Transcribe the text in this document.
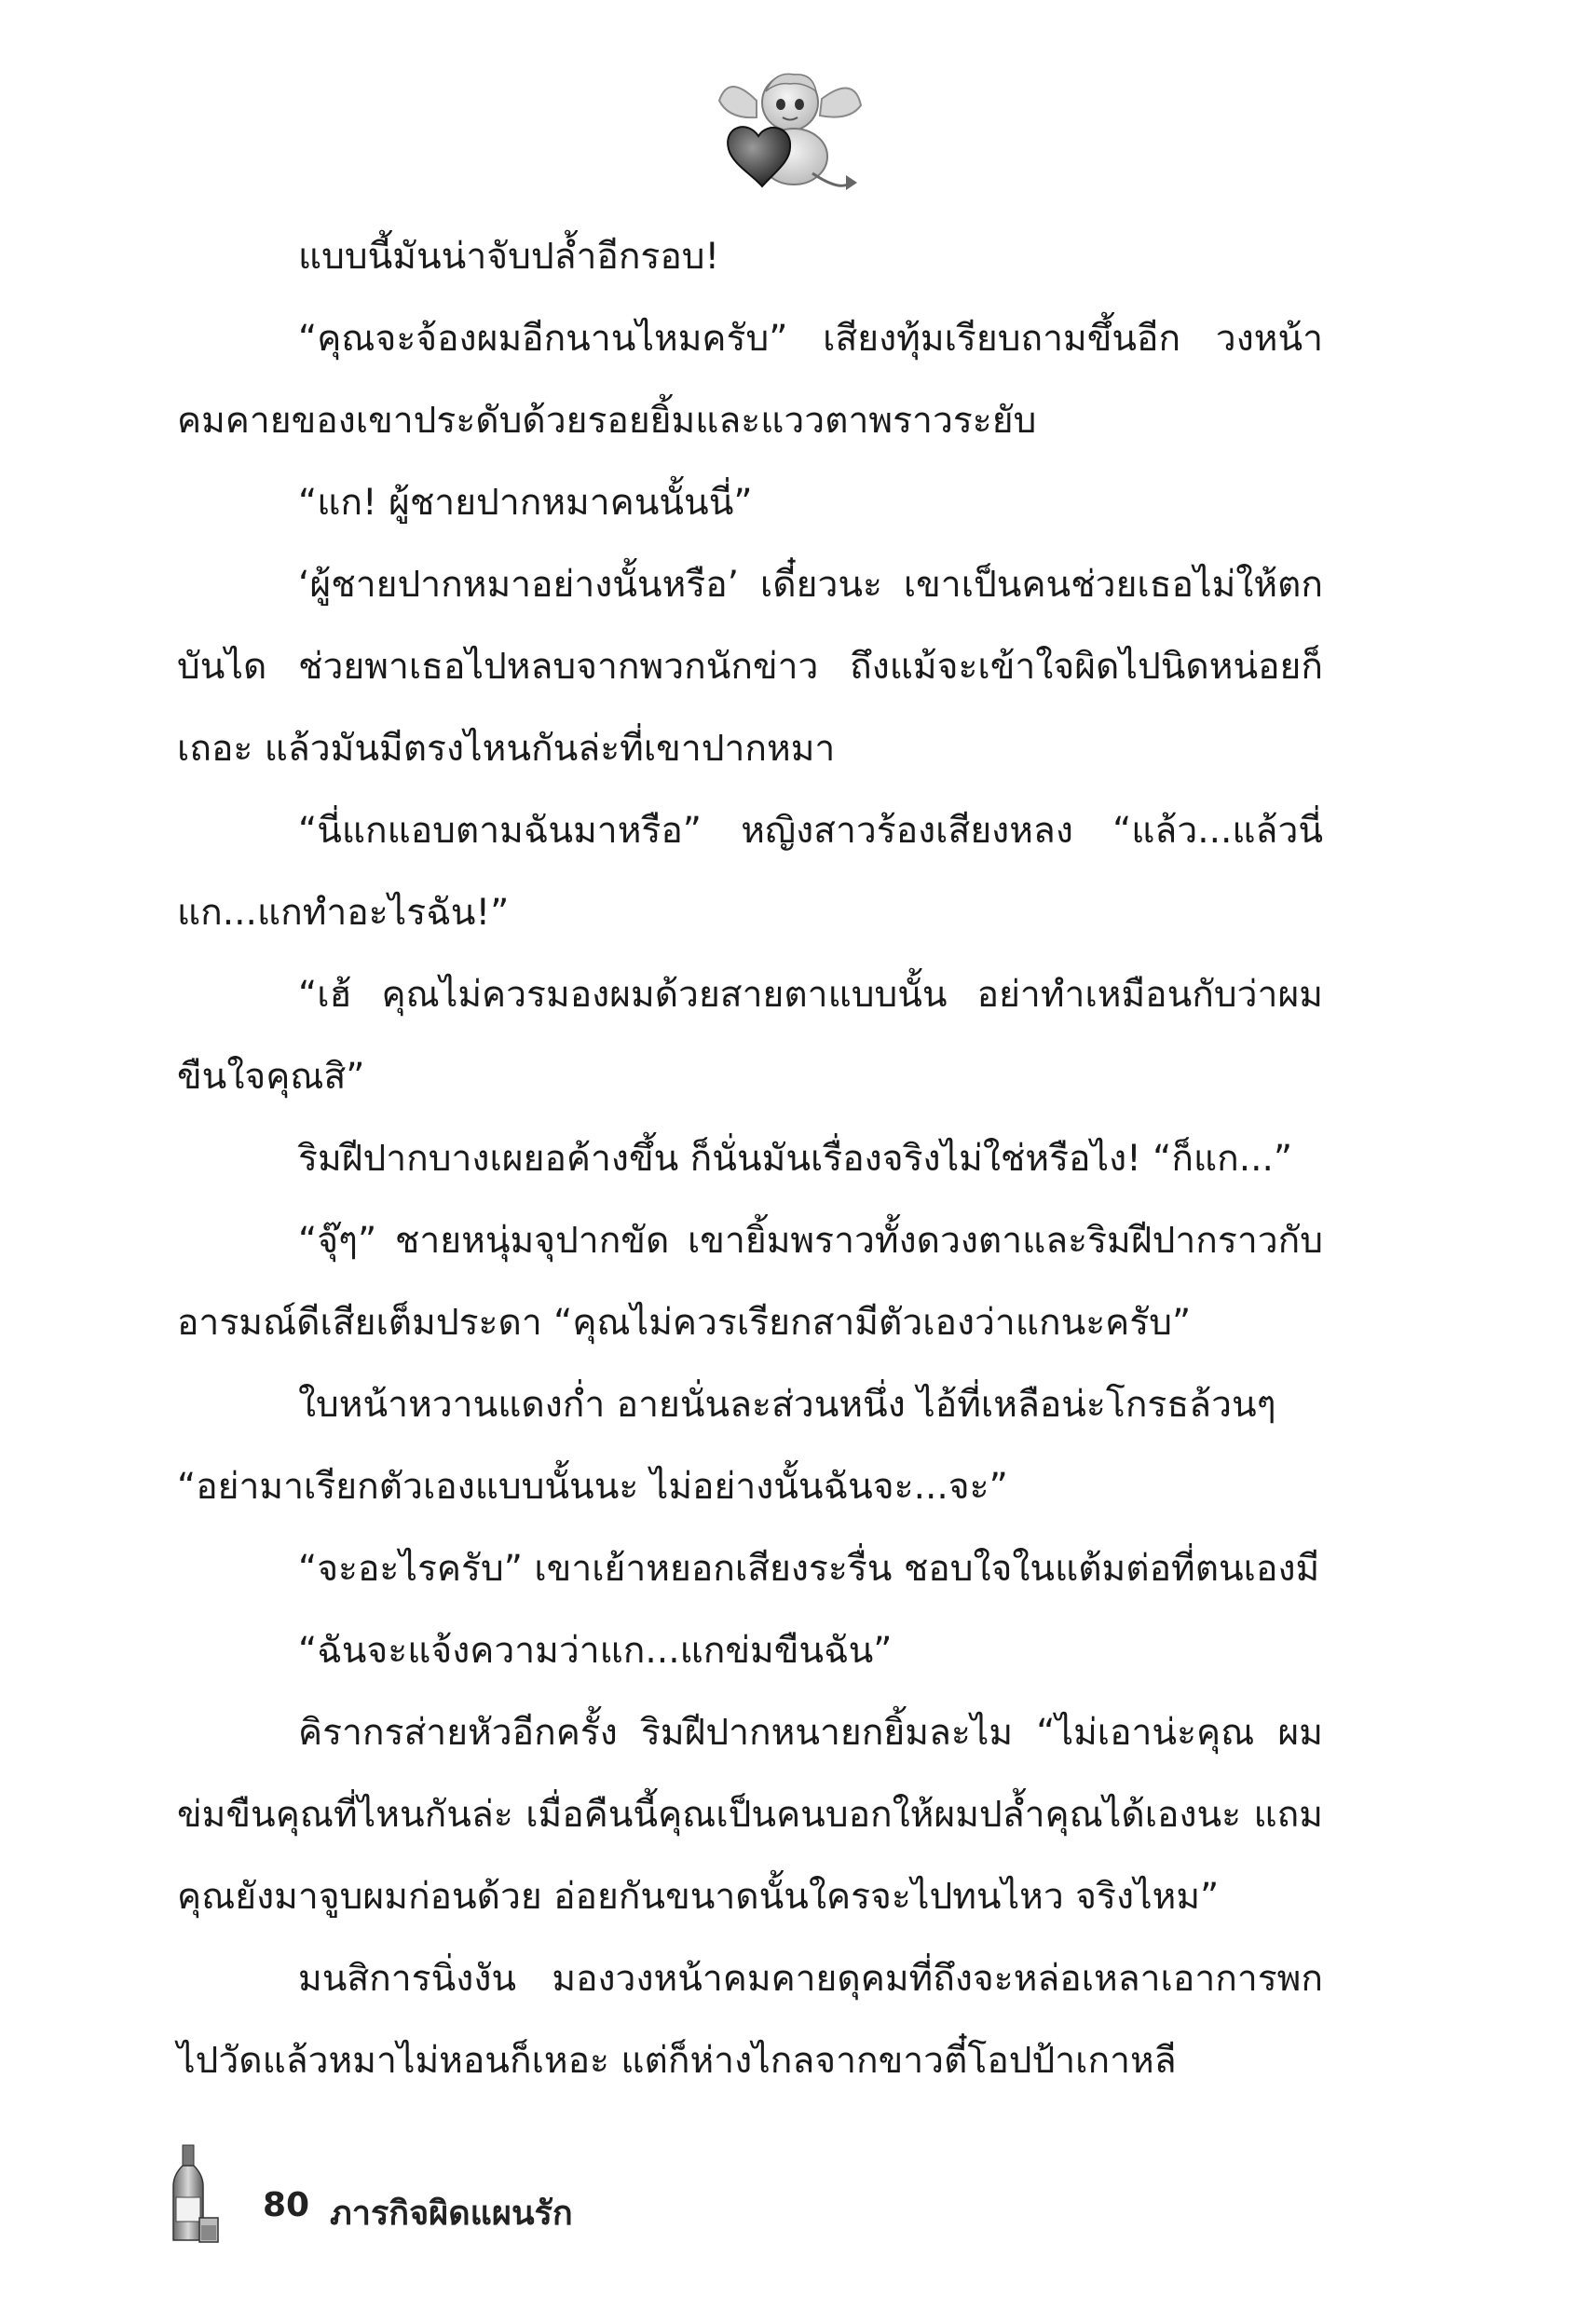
แบบนี้มันน่าจับปล้ำอีกรอบ!

“คุณจะจ้องผมอีกนานไหมครับ” เสียงทุ้มเรียบถามขึ้นอีก วงหน้าคมคายของเขาประดับด้วยรอยยิ้มและแววตาพราวระยับ

“แก! ผู้ชายปากหมาคนนั้นนี่”

‘ผู้ชายปากหมาอย่างนั้นหรือ’ เดี๋ยวนะ เขาเป็นคนช่วยเธอไม่ให้ตกบันได ช่วยพาเธอไปหลบจากพวกนักข่าว ถึงแม้จะเข้าใจผิดไปนิดหน่อยก็เถอะ แล้วมันมีตรงไหนกันล่ะที่เขาปากหมา

“นี่แกแอบตามฉันมาหรือ” หญิงสาวร้องเสียงหลง “แล้ว...แล้วนี่แก...แกทำอะไรฉัน!”

“เฮ้ คุณไม่ควรมองผมด้วยสายตาแบบนั้น อย่าทำเหมือนกับว่าผมขืนใจคุณสิ”

ริมฝีปากบางเผยอค้างขึ้น ก็นั่นมันเรื่องจริงไม่ใช่หรือไง! “ก็แก...”

“จุ๊ๆ” ชายหนุ่มจุปากขัด เขายิ้มพราวทั้งดวงตาและริมฝีปากราวกับอารมณ์ดีเสียเต็มประดา “คุณไม่ควรเรียกสามีตัวเองว่าแกนะครับ”

ใบหน้าหวานแดงก่ำ อายนั่นละส่วนหนึ่ง ไอ้ที่เหลือน่ะโกรธล้วนๆ

“อย่ามาเรียกตัวเองแบบนั้นนะ ไม่อย่างนั้นฉันจะ...จะ”

“จะอะไรครับ” เขาเย้าหยอกเสียงระรื่น ชอบใจในแต้มต่อที่ตนเองมี

“ฉันจะแจ้งความว่าแก...แกข่มขืนฉัน”

คิรากรส่ายหัวอีกครั้ง ริมฝีปากหนายกยิ้มละไม “ไม่เอาน่ะคุณ ผมข่มขืนคุณที่ไหนกันล่ะ เมื่อคืนนี้คุณเป็นคนบอกให้ผมปล้ำคุณได้เองนะ แถมคุณยังมาจูบผมก่อนด้วย อ่อยกันขนาดนั้นใครจะไปทนไหว จริงไหม”

มนสิการนิ่งงัน มองวงหน้าคมคายดุคมที่ถึงจะหล่อเหลาเอาการพกไปวัดแล้วหมาไม่หอนก็เหอะ แต่ก็ห่างไกลจากขาวตี๋โอปป้าเกาหลี

80 ภารกิจผิดแผนรัก
